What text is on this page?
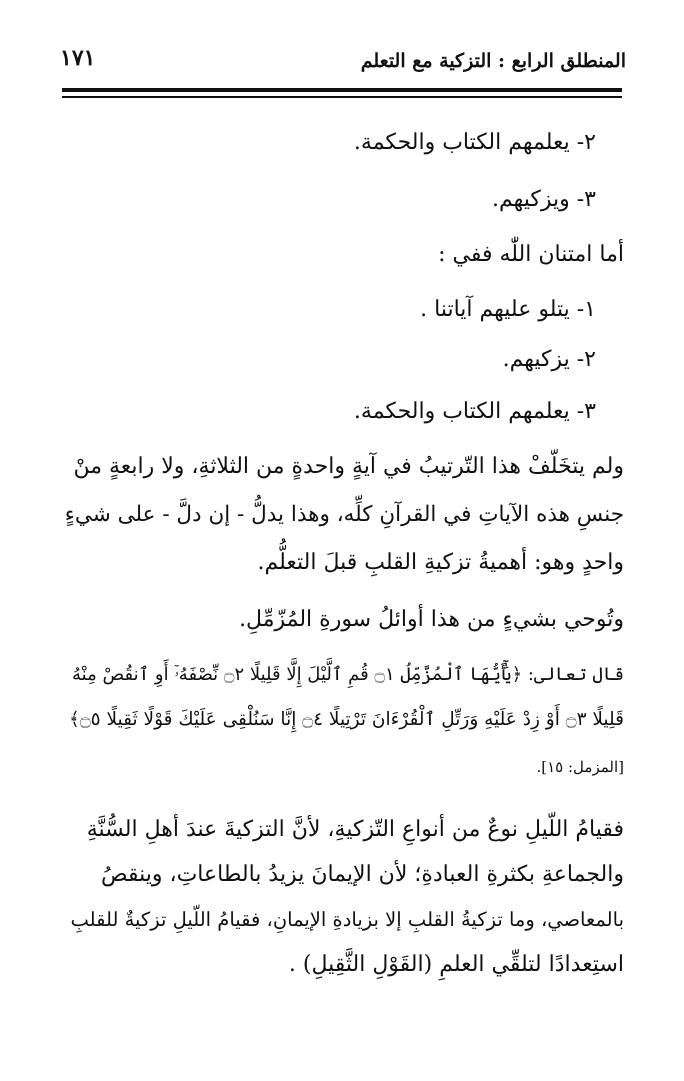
المنطلق الرابع : التزكية مع التعلم
١٧١
٢- يعلمهم الكتاب والحكمة.
٣- ويزكيهم.
أما امتنان اللّٰه ففي :
١- يتلو عليهم آياتنا .
٢- يزكيهم.
٣- يعلمهم الكتاب والحكمة.
ولم يتخَلّفْ هذا التّرتيبُ في آيةٍ واحدةٍ من الثلاثةِ، ولا رابعةٍ منْ
جنسِ هذه الآياتِ في القرآنِ كلِّه، وهذا يدلُّ - إن دلَّ - على شيءٍ
واحدٍ وهو: أهميةُ تزكيةِ القلبِ قبلَ التعلُّم.
وتُوحي بشيءٍ من هذا أوائلُ سورةِ المُزّمِّلِ.
قال تعالى: ﴿يَٰٓأَيُّهَا ٱلْمُزَّمِّلُ ۝١ قُمِ ٱلَّيْلَ إِلَّا قَلِيلًا ۝٢ نِّصْفَهُۥٓ أَوِ ٱنقُصْ مِنْهُ
قَلِيلًا ۝٣ أَوْ زِدْ عَلَيْهِ وَرَتِّلِ ٱلْقُرْءَانَ تَرْتِيلًا ۝٤ إِنَّا سَنُلْقِى عَلَيْكَ قَوْلًا ثَقِيلًا ۝٥﴾
[المزمل: ١٥].
فقيامُ اللّيلِ نوعٌ من أنواعِ التّزكيةِ، لأنَّ التزكيةَ عندَ أهلِ السُّنَّةِ
والجماعةِ بكثرةِ العبادةِ؛ لأن الإيمانَ يزيدُ بالطاعاتِ، وينقصُ
بالمعاصي، وما تزكيةُ القلبِ إلا بزيادةِ الإيمانِ، فقيامُ اللّيلِ تزكيةٌ للقلبِ
استِعدادًا لتلقِّي العلمِ (القَوْلِ الثَّقِيلِ) .
